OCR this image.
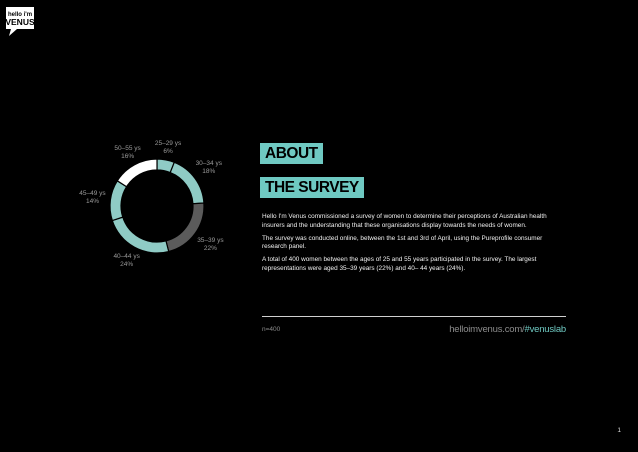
hello i'm
VENUS
25–29 ys
6%
30–34 ys
18%
35–39 ys
22%
40–44 ys
24%
45–49 ys
14%
50–55 ys
16%	ABOUT
THE SURVEY

Hello I'm Venus commissioned a survey of women to determine their perceptions of Australian health insurers and the understanding that these organisations display towards the needs of women.

The survey was conducted online, between the 1st and 3rd of April, using the Pureprofile consumer research panel.

A total of 400 women between the ages of 25 and 55 years participated in the survey. The largest representations were aged 35–39 years (22%) and 40– 44 years (24%).

n=400	helloimvenus.com/#venuslab
1
